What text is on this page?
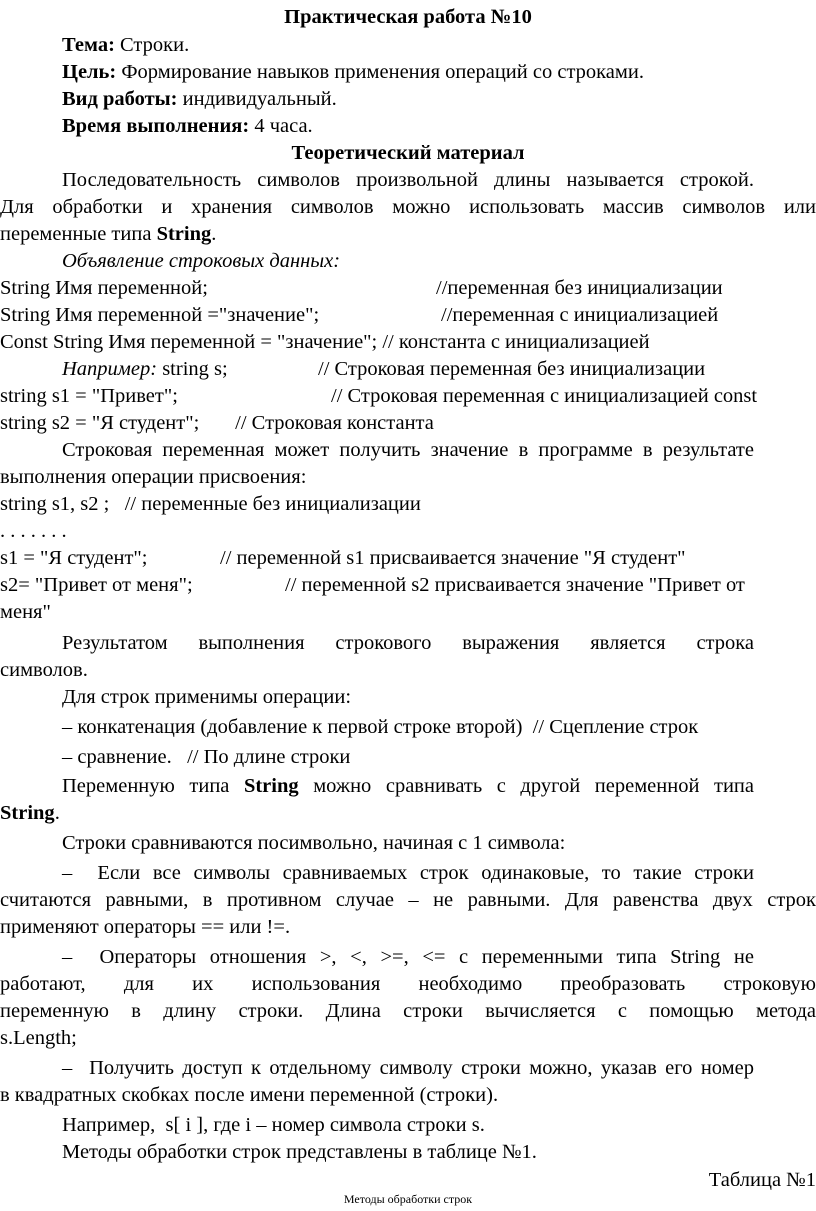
Практическая работа №10
Тема: Строки.
Цель: Формирование навыков применения операций со строками.
Вид работы: индивидуальный.
Время выполнения: 4 часа.
Теоретический материал
Последовательность символов произвольной длины называется строкой.
Для обработки и хранения символов можно использовать массив символов или
переменные типа String.
Объявление строковых данных:

String Имя переменной;

	//переменная без инициализации

String Имя переменной ="значение";

	//переменная с инициализацией

Const String Имя переменной = "значение"; // константа с инициализацией

Например: string s;

	// Строковая переменная без инициализации

string s1 = "Привет";

	// Строковая переменная с инициализацией const

string s2 = "Я студент";       // Строковая константа
Строковая переменная может получить значение в программе в результате
выполнения операции присвоения:
string s1, s2 ;   // переменные без инициализации
. . . . . . .

s1 = "Я студент";

	// переменной s1 присваивается значение "Я студент"

s2= "Привет от меня";

	// переменной s2 присваивается значение "Привет от

меня"
Результатом выполнения строкового выражения является строка
символов.
Для строк применимы операции:
– конкатенация (добавление к первой строке второй)  // Сцепление строк
– сравнение.   // По длине строки
Переменную типа String можно сравнивать с другой переменной типа
String.
Строки сравниваются посимвольно, начиная с 1 символа:
–  Если все символы сравниваемых строк одинаковые, то такие строки
считаются равными, в противном случае – не равными. Для равенства двух строк
применяют операторы == или !=.
–  Операторы отношения >, <, >=, <= с переменными типа String не
работают, для их использования необходимо преобразовать строковую
переменную в длину строки. Длина строки вычисляется с помощью метода
s.Length;
–  Получить доступ к отдельному символу строки можно, указав его номер
в квадратных скобках после имени переменной (строки).
Например,  s[ i ], где i – номер символа строки s.
Методы обработки строк представлены в таблице №1.
Таблица №1
Методы обработки строк
